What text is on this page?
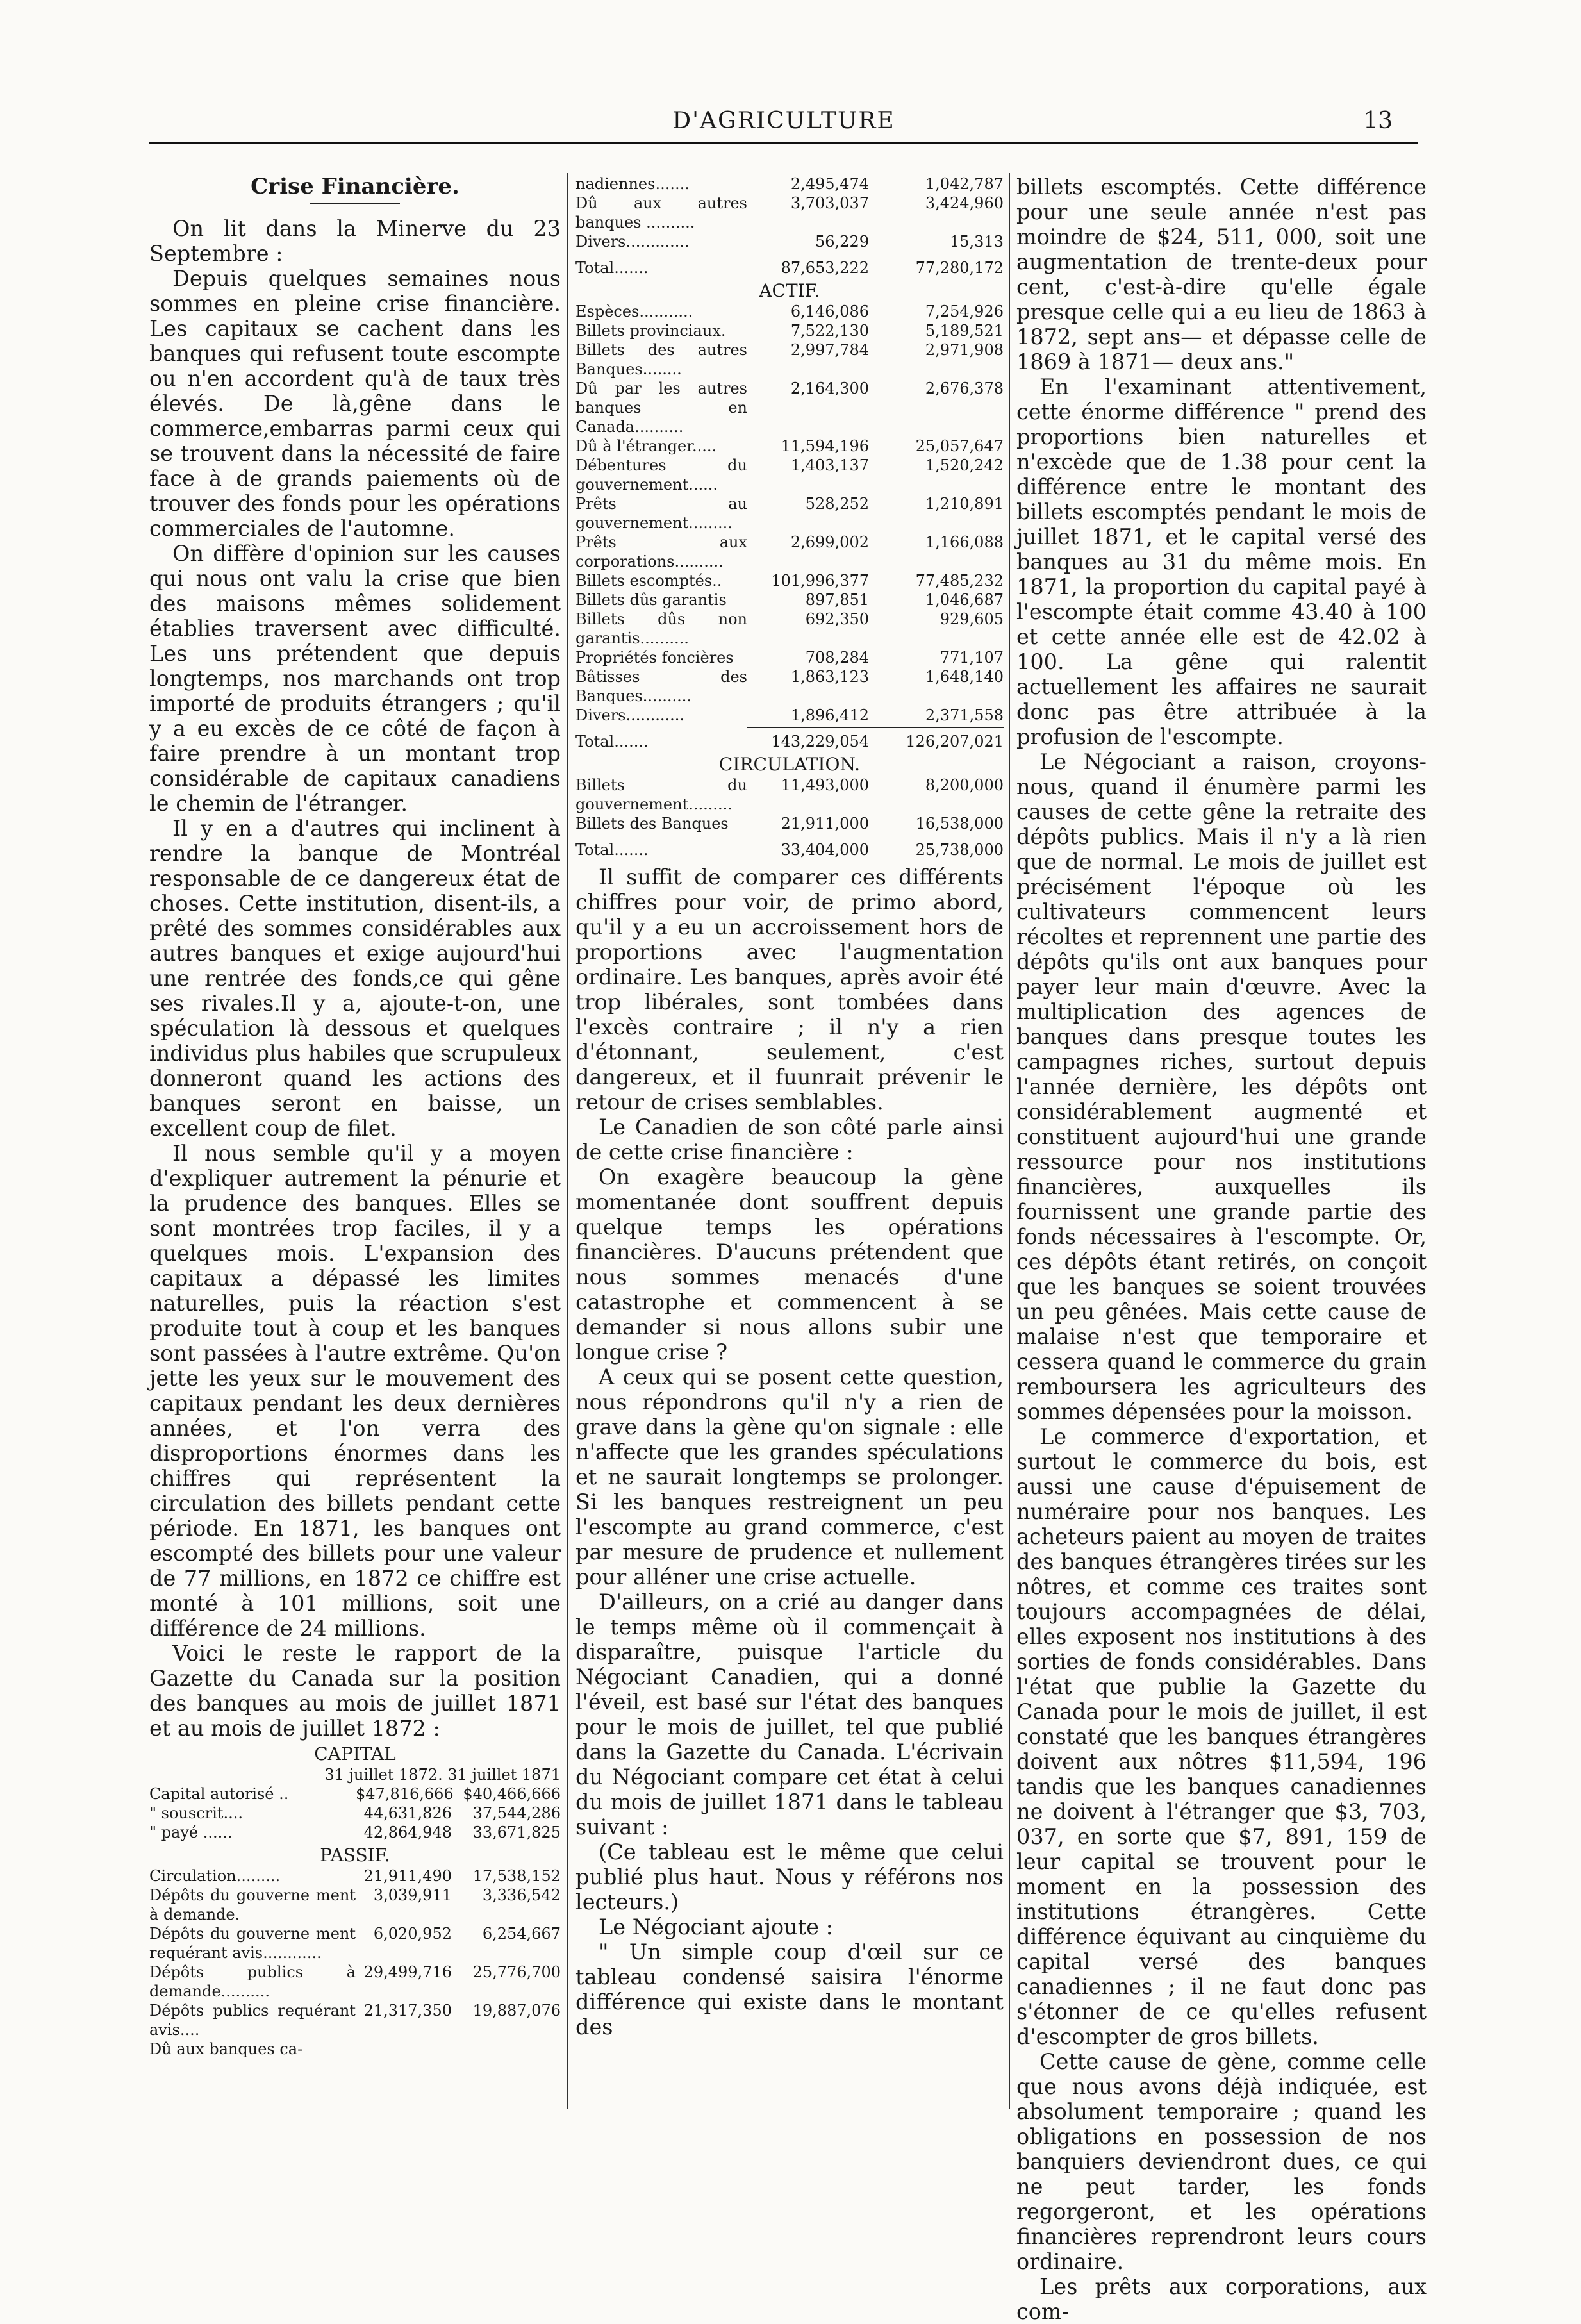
D'AGRICULTURE	13
Crise Financière.

On lit dans la Minerve du 23 Septembre :

Depuis quelques semaines nous sommes en pleine crise financière. Les capitaux se cachent dans les banques qui refusent toute escompte ou n'en accordent qu'à de taux très élevés. De là,gêne dans le commerce,embarras parmi ceux qui se trouvent dans la nécessité de faire face à de grands paiements où de trouver des fonds pour les opérations commerciales de l'automne.

On diffère d'opinion sur les causes qui nous ont valu la crise que bien des maisons mêmes solidement établies traversent avec difficulté. Les uns prétendent que depuis longtemps, nos marchands ont trop importé de produits étrangers ; qu'il y a eu excès de ce côté de façon à faire prendre à un montant trop considérable de capitaux canadiens le chemin de l'étranger.

Il y en a d'autres qui inclinent à rendre la banque de Montréal responsable de ce dangereux état de choses. Cette institution, disent-ils, a prêté des sommes considérables aux autres banques et exige aujourd'hui une rentrée des fonds,ce qui gêne ses rivales.Il y a, ajoute-t-on, une spéculation là dessous et quelques individus plus habiles que scrupuleux donneront quand les actions des banques seront en baisse, un excellent coup de filet.

Il nous semble qu'il y a moyen d'expliquer autrement la pénurie et la prudence des banques. Elles se sont montrées trop faciles, il y a quelques mois. L'expansion des capitaux a dépassé les limites naturelles, puis la réaction s'est produite tout à coup et les banques sont passées à l'autre extrême. Qu'on jette les yeux sur le mouvement des capitaux pendant les deux dernières années, et l'on verra des disproportions énormes dans les chiffres qui représentent la circulation des billets pendant cette période. En 1871, les banques ont escompté des billets pour une valeur de 77 millions, en 1872 ce chiffre est monté à 101 millions, soit une différence de 24 millions.

Voici le reste le rapport de la Gazette du Canada sur la position des banques au mois de juillet 1871 et au mois de juillet 1872 :

CAPITAL
31 juillet 1872. 31 juillet 1871
Capital autorisé ..	$47,816,666 $40,466,666
" souscrit....	44,631,826	37,544,286
" payé ......	42,864,948	33,671,825
PASSIF.
Circulation.........	21,911,490	17,538,152
Dépôts du gouverne ment à demande.
3,039,911	3,336,542
Dépôts du gouverne ment requérant avis............
6,020,952	6,254,667
Dépôts publics à demande..........
29,499,716	25,776,700
Dépôts publics requérant avis....
21,317,350	19,887,076
Dû aux banques ca-
nadiennes.......	2,495,474	1,042,787
Dû aux autres banques ..........
3,703,037	3,424,960
Divers.............	56,229	15,313
Total.......	87,653,222	77,280,172
ACTIF.
Espèces...........	6,146,086	7,254,926
Billets provinciaux.	7,522,130	5,189,521
Billets des autres Banques........
2,997,784	2,971,908
Dû par les autres banques en Canada..........
2,164,300	2,676,378
Dû à l'étranger.....	11,594,196	25,057,647
Débentures du gouvernement......
1,403,137	1,520,242
Prêts au gouvernement.........
528,252	1,210,891
Prêts aux corporations..........
2,699,002	1,166,088
Billets escomptés..	101,996,377	77,485,232
Billets dûs garantis	897,851	1,046,687
Billets dûs non garantis..........
692,350	929,605
Propriétés foncières	708,284	771,107
Bâtisses des Banques..........
1,863,123	1,648,140
Divers............	1,896,412	2,371,558
Total.......	143,229,054	126,207,021
CIRCULATION.
Billets du gouvernement.........
11,493,000	8,200,000
Billets des Banques	21,911,000	16,538,000
Total.......	33,404,000	25,738,000

Il suffit de comparer ces différents chiffres pour voir, de primo abord, qu'il y a eu un accroissement hors de proportions avec l'augmentation ordinaire. Les banques, après avoir été trop libérales, sont tombées dans l'excès contraire ; il n'y a rien d'étonnant, seulement, c'est dangereux, et il fuunrait prévenir le retour de crises semblables.

Le Canadien de son côté parle ainsi de cette crise financière :

On exagère beaucoup la gène momentanée dont souffrent depuis quelque temps les opérations financières. D'aucuns prétendent que nous sommes menacés d'une catastrophe et commencent à se demander si nous allons subir une longue crise ?

A ceux qui se posent cette question, nous répondrons qu'il n'y a rien de grave dans la gène qu'on signale : elle n'affecte que les grandes spéculations et ne saurait longtemps se prolonger. Si les banques restreignent un peu l'escompte au grand commerce, c'est par mesure de prudence et nullement pour alléner une crise actuelle.

D'ailleurs, on a crié au danger dans le temps même où il commençait à disparaître, puisque l'article du Négociant Canadien, qui a donné l'éveil, est basé sur l'état des banques pour le mois de juillet, tel que publié dans la Gazette du Canada. L'écrivain du Négociant compare cet état à celui du mois de juillet 1871 dans le tableau suivant :

(Ce tableau est le même que celui publié plus haut. Nous y référons nos lecteurs.)

Le Négociant ajoute :

" Un simple coup d'œil sur ce tableau condensé saisira l'énorme différence qui existe dans le montant des

billets escomptés. Cette différence pour une seule année n'est pas moindre de $24, 511, 000, soit une augmentation de trente-deux pour cent, c'est-à-dire qu'elle égale presque celle qui a eu lieu de 1863 à 1872, sept ans— et dépasse celle de 1869 à 1871— deux ans."

En l'examinant attentivement, cette énorme différence " prend des proportions bien naturelles et n'excède que de 1.38 pour cent la différence entre le montant des billets escomptés pendant le mois de juillet 1871, et le capital versé des banques au 31 du même mois. En 1871, la proportion du capital payé à l'escompte était comme 43.40 à 100 et cette année elle est de 42.02 à 100. La gêne qui ralentit actuellement les affaires ne saurait donc pas être attribuée à la profusion de l'escompte.

Le Négociant a raison, croyons-nous, quand il énumère parmi les causes de cette gêne la retraite des dépôts publics. Mais il n'y a là rien que de normal. Le mois de juillet est précisément l'époque où les cultivateurs commencent leurs récoltes et reprennent une partie des dépôts qu'ils ont aux banques pour payer leur main d'œuvre. Avec la multiplication des agences de banques dans presque toutes les campagnes riches, surtout depuis l'année dernière, les dépôts ont considérablement augmenté et constituent aujourd'hui une grande ressource pour nos institutions financières, auxquelles ils fournissent une grande partie des fonds nécessaires à l'escompte. Or, ces dépôts étant retirés, on conçoit que les banques se soient trouvées un peu gênées. Mais cette cause de malaise n'est que temporaire et cessera quand le commerce du grain remboursera les agriculteurs des sommes dépensées pour la moisson.

Le commerce d'exportation, et surtout le commerce du bois, est aussi une cause d'épuisement de numéraire pour nos banques. Les acheteurs paient au moyen de traites des banques étrangères tirées sur les nôtres, et comme ces traites sont toujours accompagnées de délai, elles exposent nos institutions à des sorties de fonds considérables. Dans l'état que publie la Gazette du Canada pour le mois de juillet, il est constaté que les banques étrangères doivent aux nôtres $11,594, 196 tandis que les banques canadiennes ne doivent à l'étranger que $3, 703, 037, en sorte que $7, 891, 159 de leur capital se trouvent pour le moment en la possession des institutions étrangères. Cette différence équivant au cinquième du capital versé des banques canadiennes ; il ne faut donc pas s'étonner de ce qu'elles refusent d'escompter de gros billets.

Cette cause de gène, comme celle que nous avons déjà indiquée, est absolument temporaire ; quand les obligations en possession de nos banquiers deviendront dues, ce qui ne peut tarder, les fonds regorgeront, et les opérations financières reprendront leurs cours ordinaire.

Les prêts aux corporations, aux com-
